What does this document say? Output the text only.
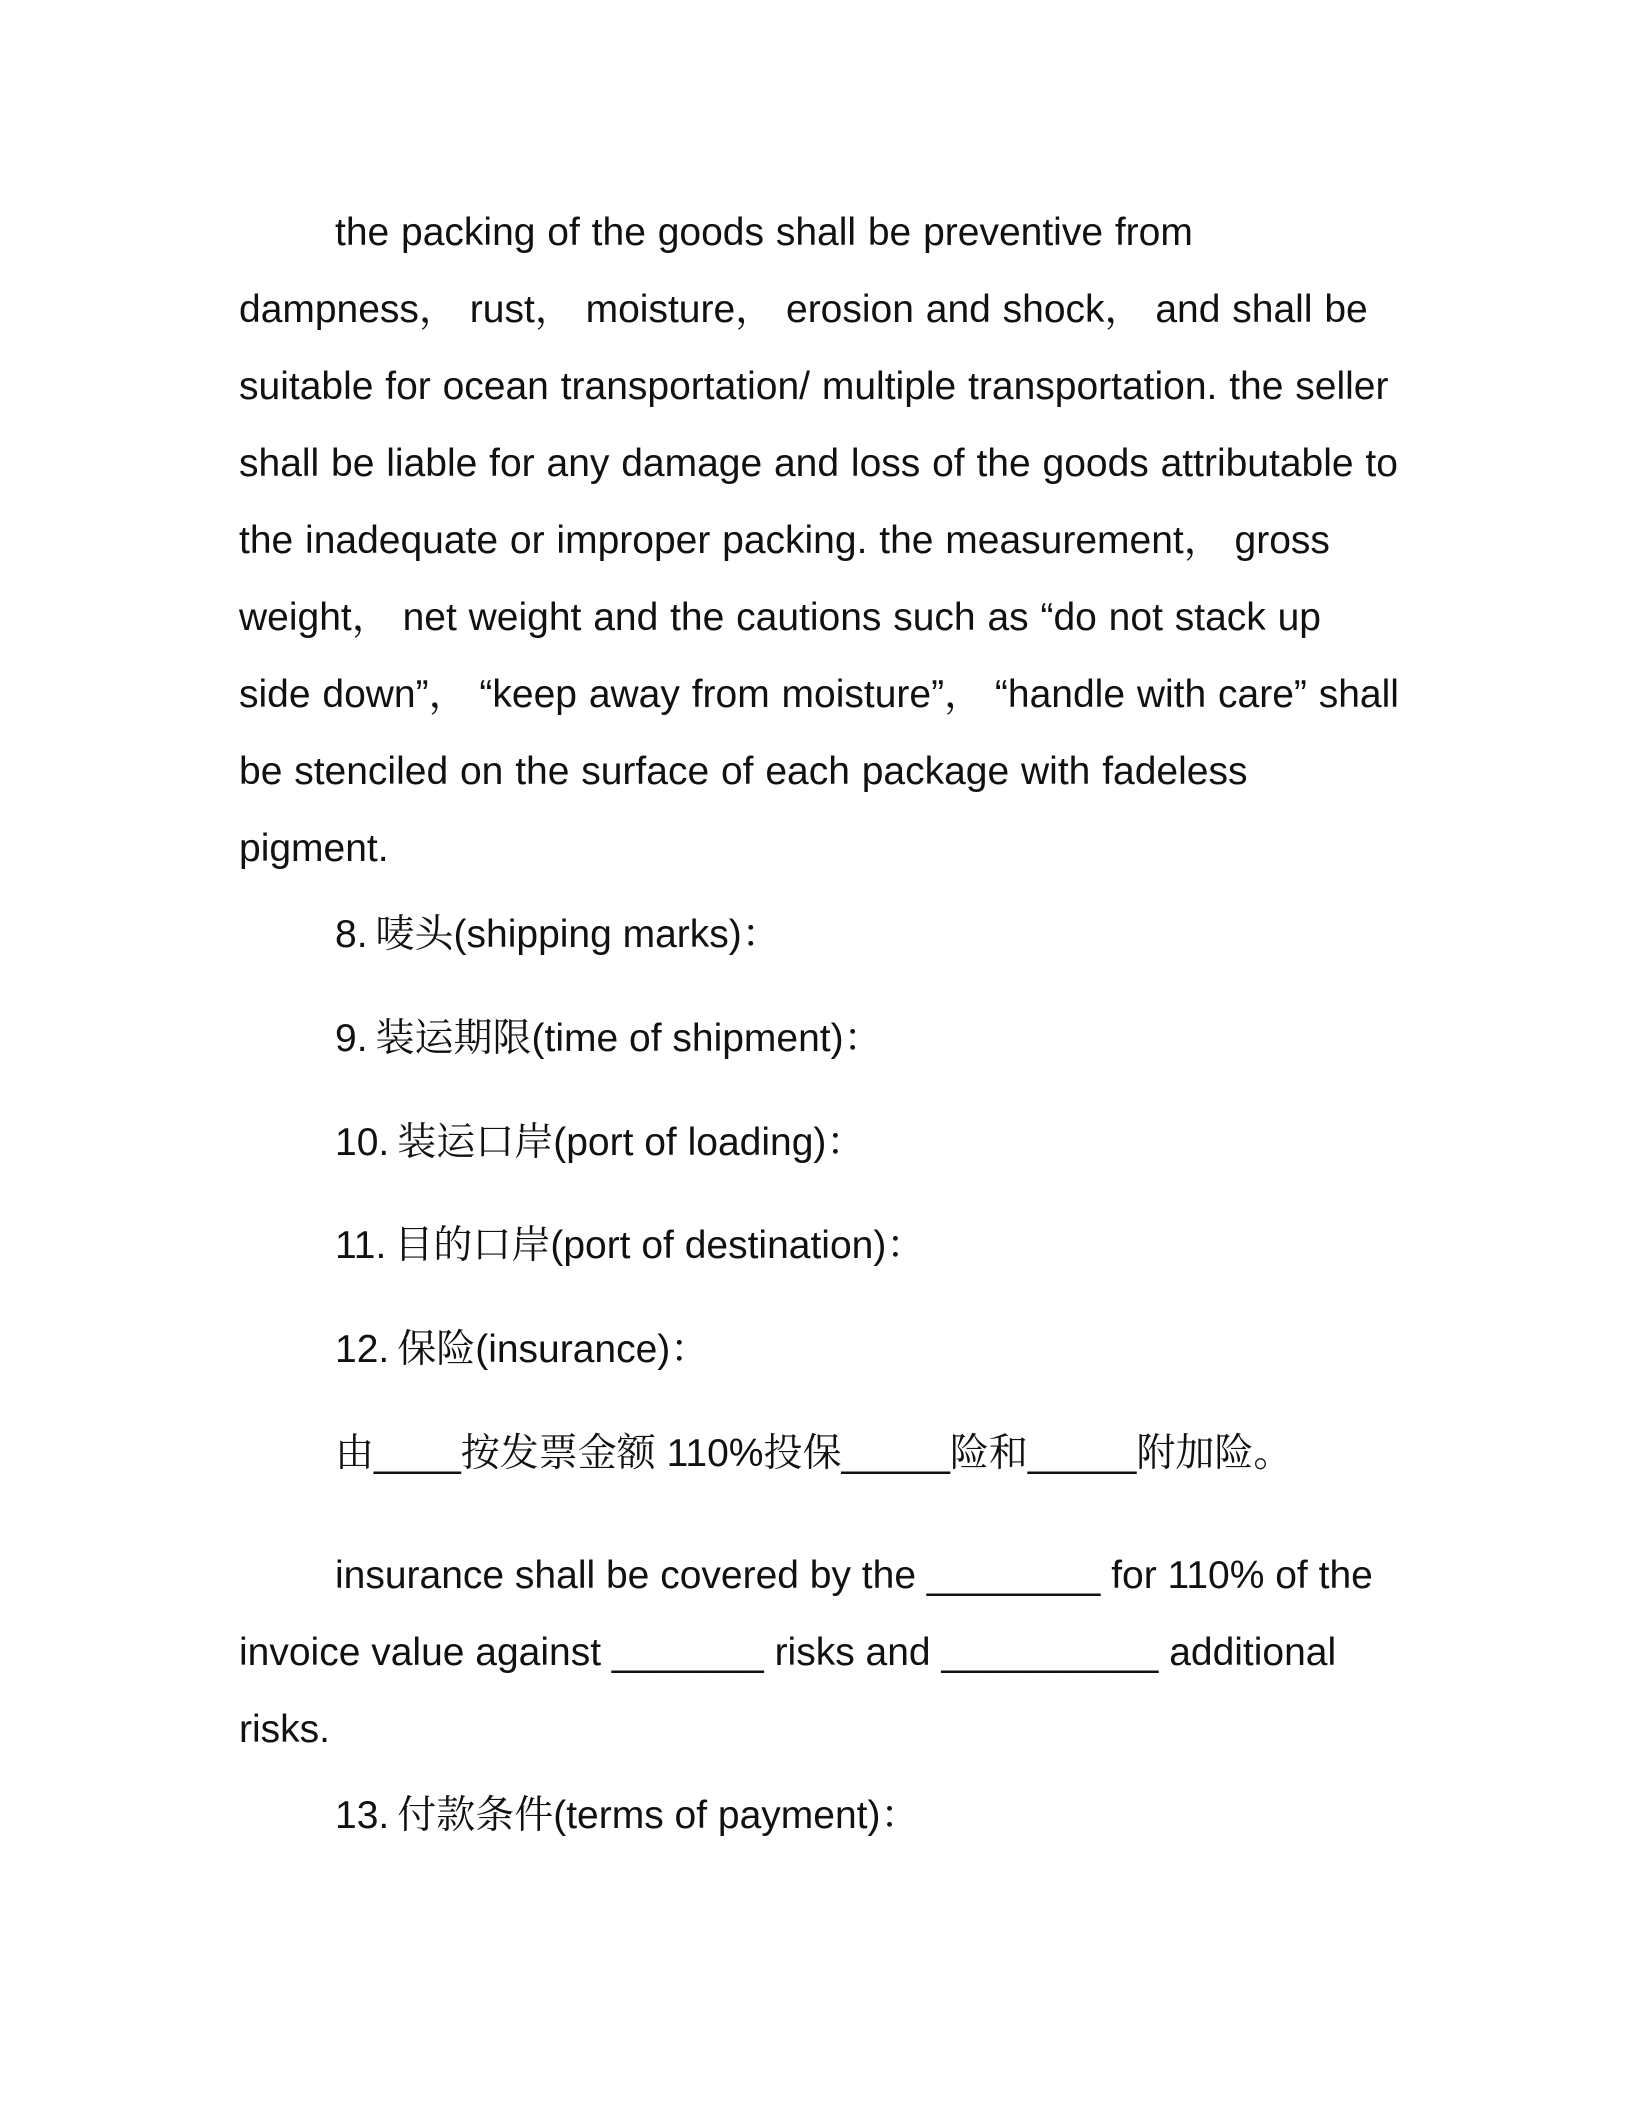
the packing of the goods shall be preventive from dampness， rust， moisture， erosion and shock， and shall be suitable for ocean transportation/ multiple transportation. the seller shall be liable for any damage and loss of the goods attributable to the inadequate or improper packing. the measurement， gross weight， net weight and the cautions such as “do not stack up side down”， “keep away from moisture”， “handle with care” shall be stenciled on the surface of each package with fadeless pigment.
8. 唛头(shipping marks)：
9. 装运期限(time of shipment)：
10. 装运口岸(port of loading)：
11. 目的口岸(port of destination)：
12. 保险(insurance)：
由____按发票金额 110%投保_____险和_____附加险。
insurance shall be covered by the ________ for 110% of the invoice value against _______ risks and __________ additional risks.
13. 付款条件(terms of payment)：
